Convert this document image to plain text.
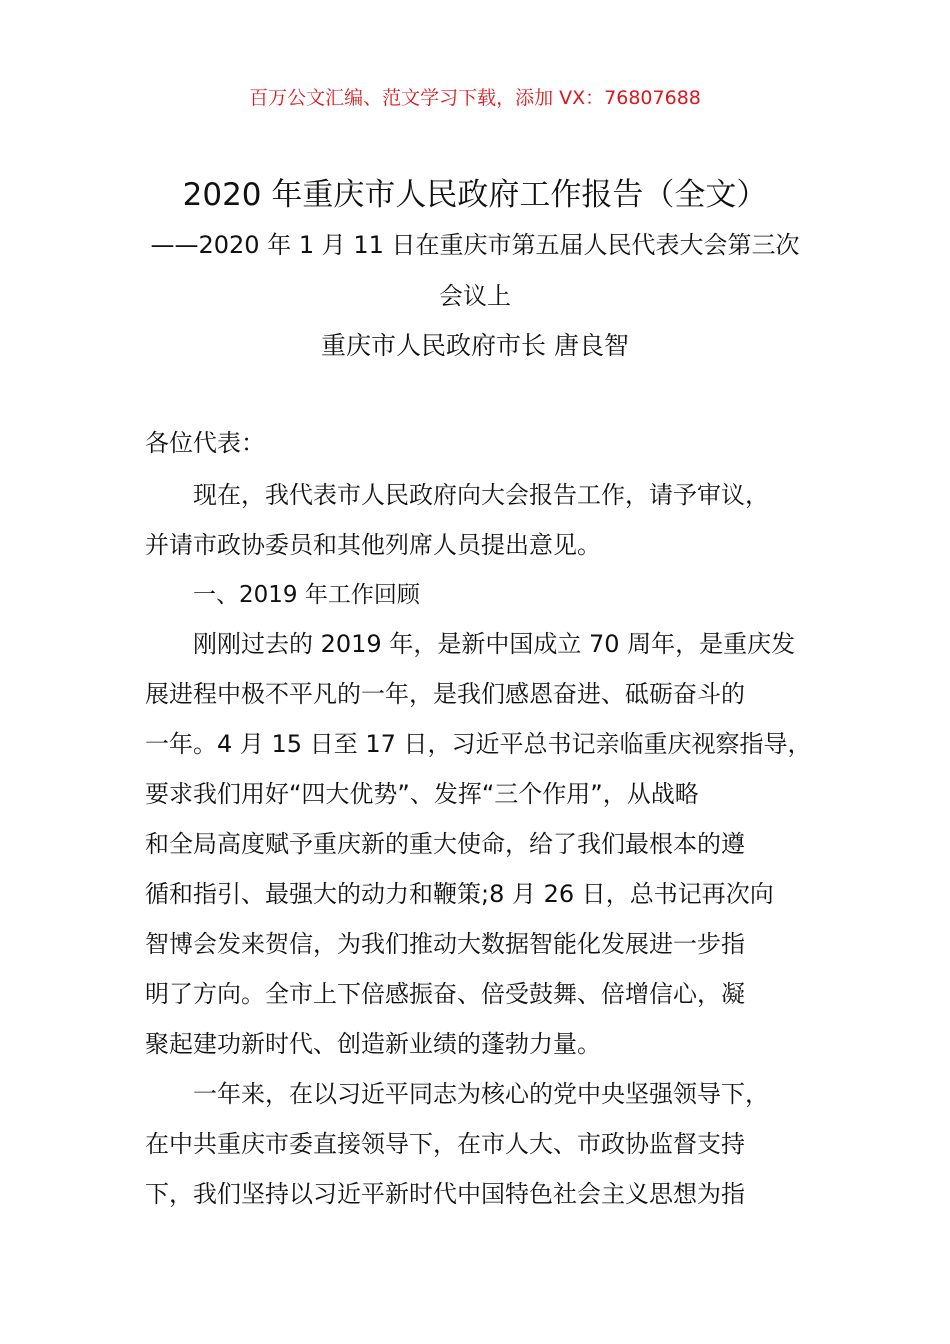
百万公文汇编、范文学习下载，添加 VX：76807688
2020 年重庆市人民政府工作报告（全文）
——2020 年 1 月 11 日在重庆市第五届人民代表大会第三次
会议上
重庆市人民政府市长 唐良智
各位代表：
现在，我代表市人民政府向大会报告工作，请予审议，
并请市政协委员和其他列席人员提出意见。
一、2019 年工作回顾
刚刚过去的 2019 年，是新中国成立 70 周年，是重庆发
展进程中极不平凡的一年，是我们感恩奋进、砥砺奋斗的
一年。4 月 15 日至 17 日，习近平总书记亲临重庆视察指导，
要求我们用好“四大优势”、发挥“三个作用”，从战略
和全局高度赋予重庆新的重大使命，给了我们最根本的遵
循和指引、最强大的动力和鞭策;8 月 26 日，总书记再次向
智博会发来贺信，为我们推动大数据智能化发展进一步指
明了方向。全市上下倍感振奋、倍受鼓舞、倍增信心，凝
聚起建功新时代、创造新业绩的蓬勃力量。
一年来，在以习近平同志为核心的党中央坚强领导下，
在中共重庆市委直接领导下，在市人大、市政协监督支持
下，我们坚持以习近平新时代中国特色社会主义思想为指
